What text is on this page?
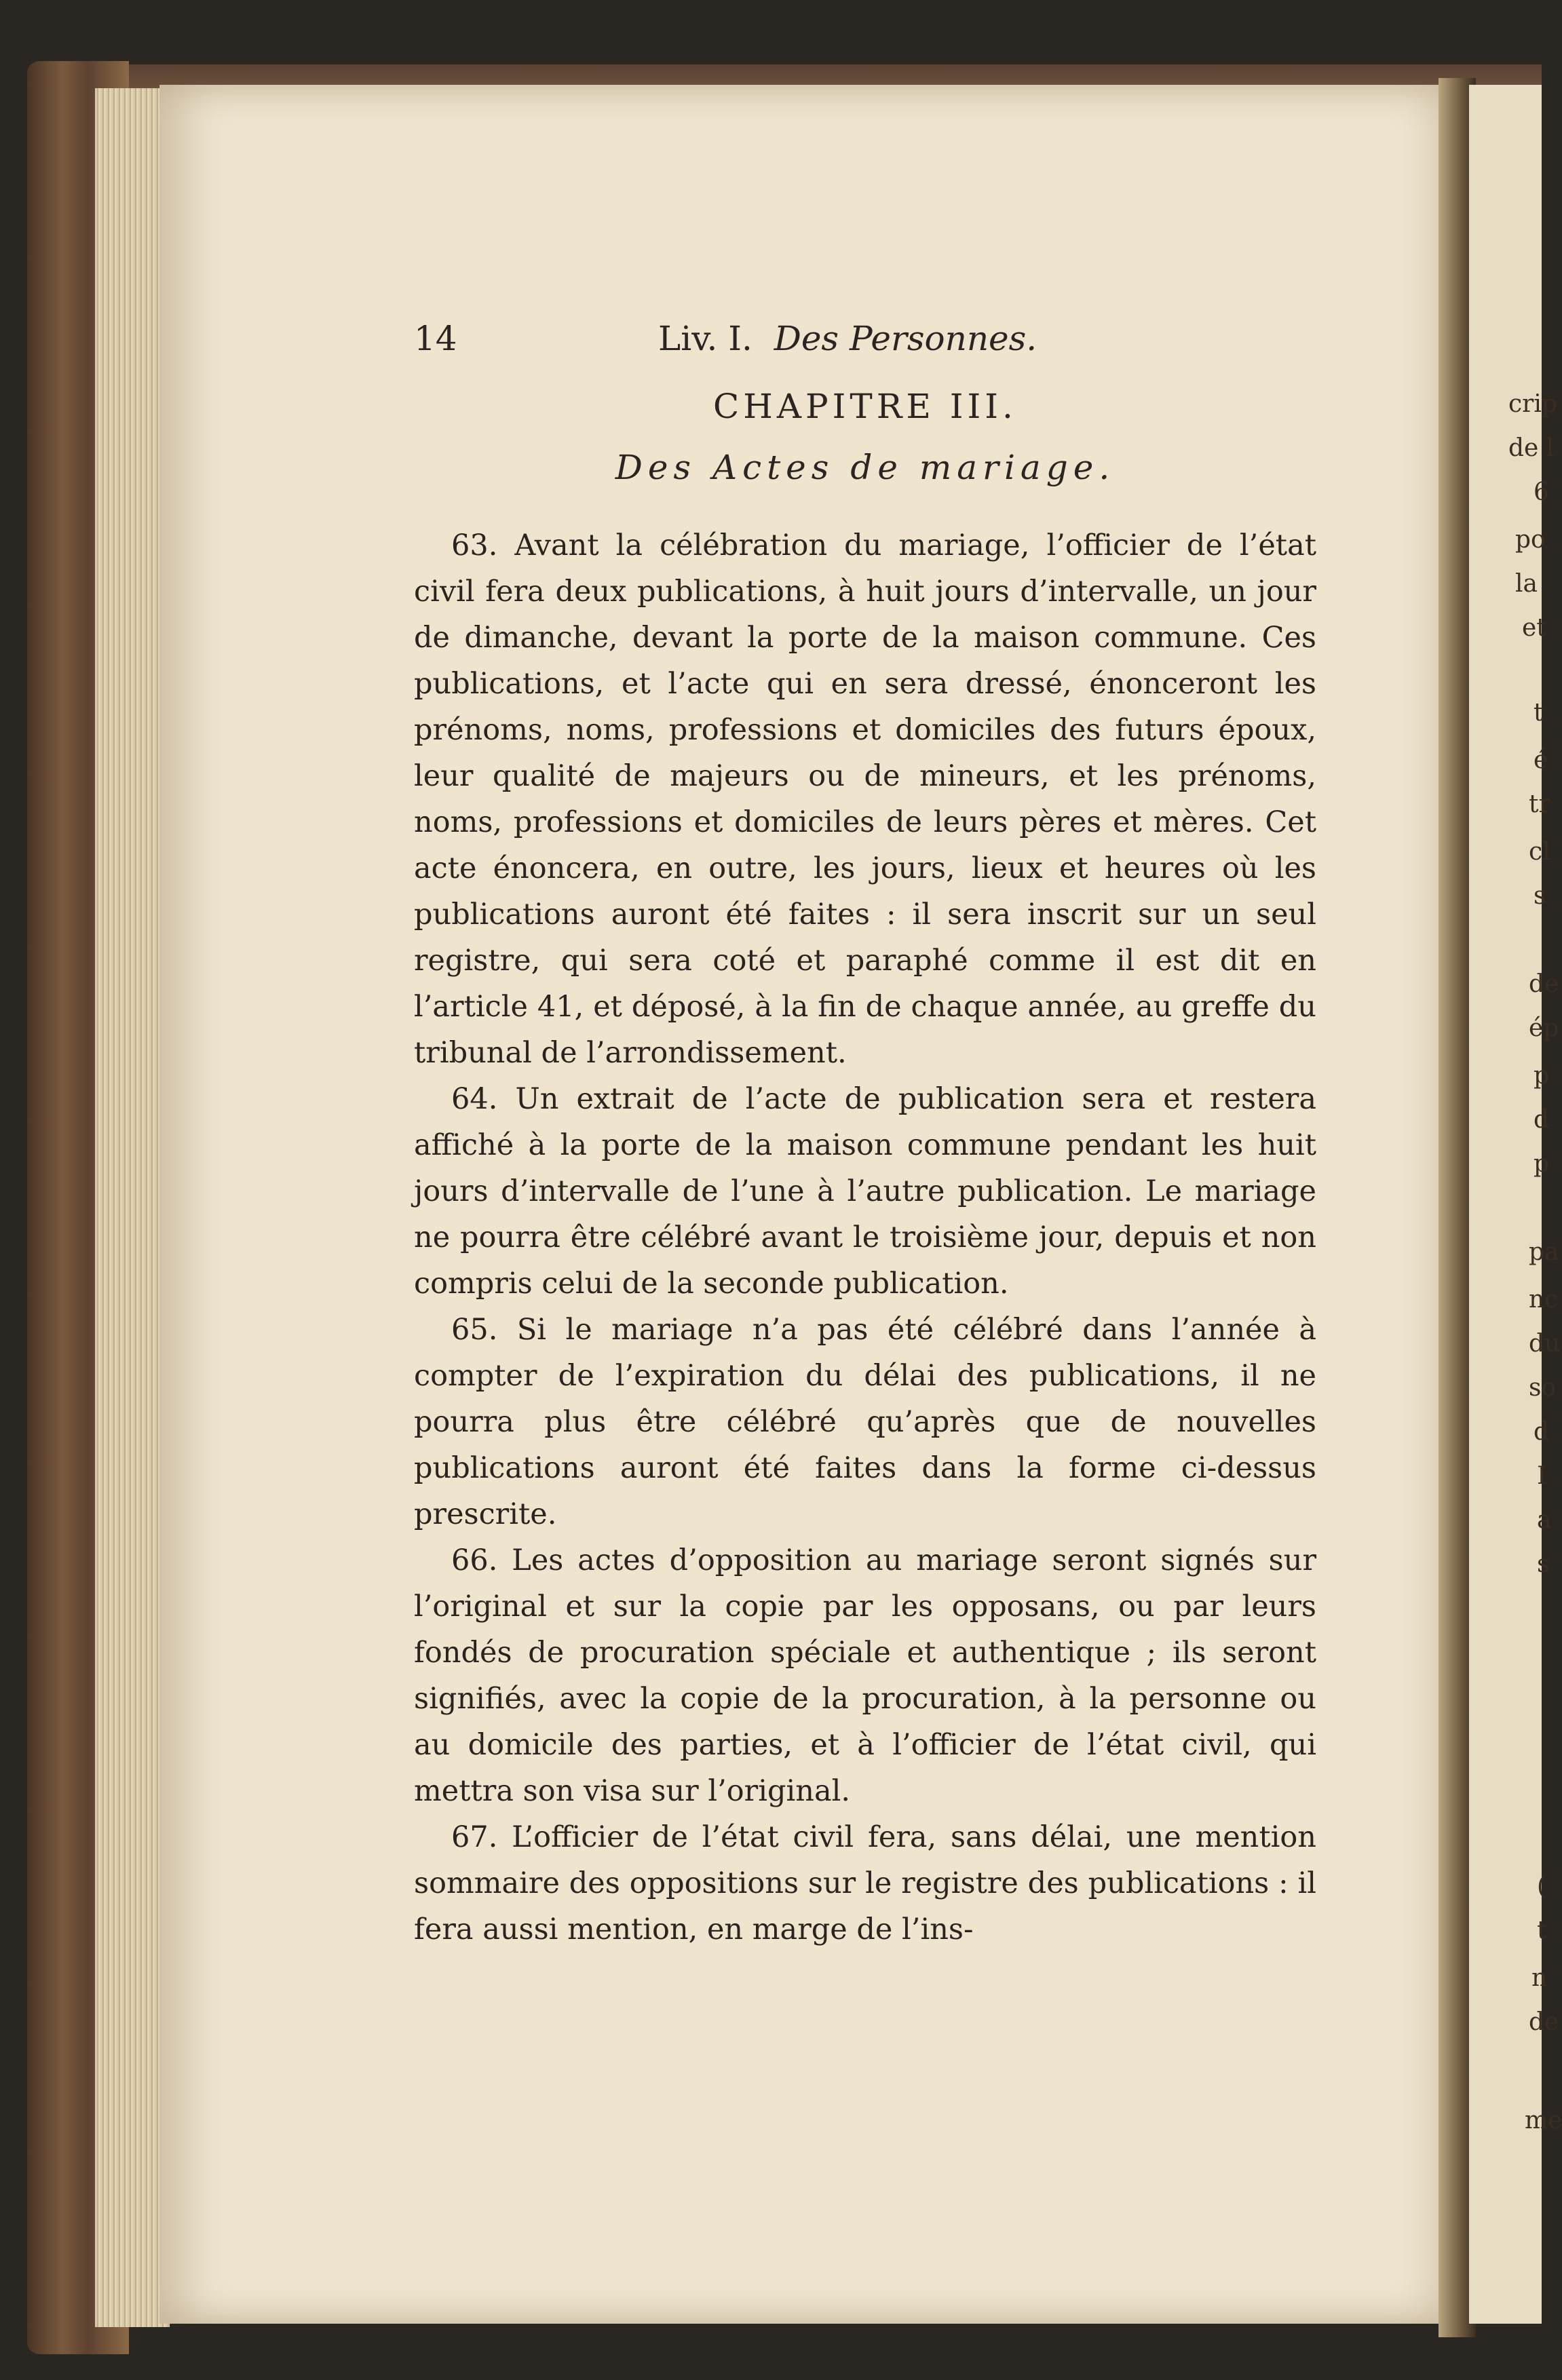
14	Liv. I. Des Personnes.
CHAPITRE III.
Des Actes de mariage.

63. Avant la célébration du mariage, l’officier de l’état civil fera deux publications, à huit jours d’intervalle, un jour de dimanche, devant la porte de la maison commune. Ces publications, et l’acte qui en sera dressé, énonceront les prénoms, noms, professions et domiciles des futurs époux, leur qualité de majeurs ou de mineurs, et les prénoms, noms, professions et domiciles de leurs pères et mères. Cet acte énoncera, en outre, les jours, lieux et heures où les publications auront été faites : il sera inscrit sur un seul registre, qui sera coté et paraphé comme il est dit en l’article 41, et déposé, à la fin de chaque année, au greffe du tribunal de l’arrondissement.

64. Un extrait de l’acte de publication sera et restera affiché à la porte de la maison commune pendant les huit jours d’intervalle de l’une à l’autre publication. Le mariage ne pourra être célébré avant le troisième jour, depuis et non compris celui de la seconde publication.

65. Si le mariage n’a pas été célébré dans l’année à compter de l’expiration du délai des publications, il ne pourra plus être célébré qu’après que de nouvelles publications auront été faites dans la forme ci-dessus prescrite.

66. Les actes d’opposition au mariage seront signés sur l’original et sur la copie par les opposans, ou par leurs fondés de procuration spéciale et authentique ; ils seront signifiés, avec la copie de la procuration, à la personne ou au domicile des parties, et à l’officier de l’état civil, qui mettra son visa sur l’original.

67. L’officier de l’état civil fera, sans délai, une mention sommaire des oppositions sur le registre des publications : il fera aussi mention, en marge de l’ins-

crip
de l
6
po
la
et
t
é
tr
cl
s
de
ép
p
d
p
pa
nc
du
so
d
I
a
s
(
t
n
de
me
